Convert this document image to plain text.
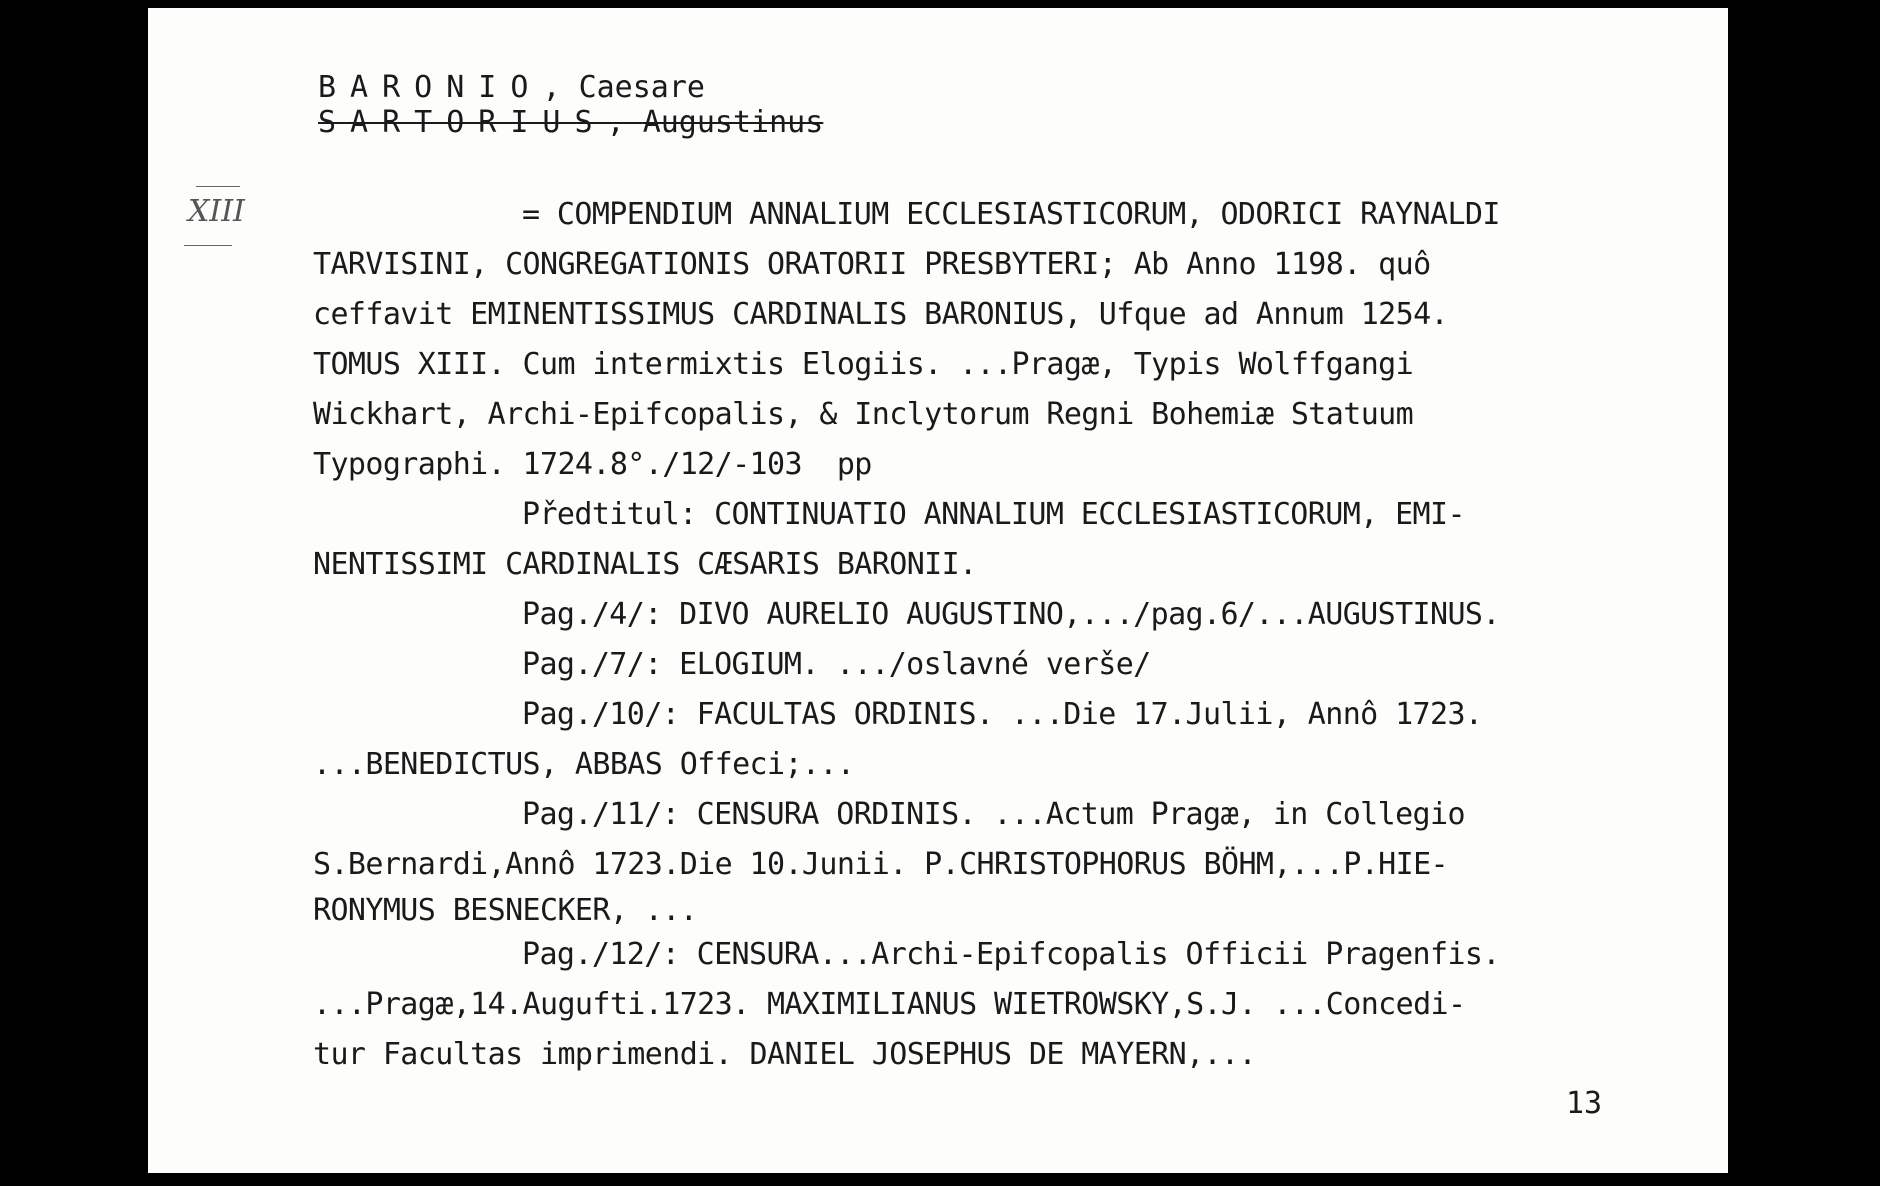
BARONIO, Caesare
SARTORIUS, Augustinus
XIII	= COMPENDIUM ANNALIUM ECCLESIASTICORUM, ODORICI RAYNALDI
TARVISINI, CONGREGATIONIS ORATORII PRESBYTERI; Ab Anno 1198. quô
ceffavit EMINENTISSIMUS CARDINALIS BARONIUS, Ufque ad Annum 1254.
TOMUS XIII. Cum intermixtis Elogiis. ...Pragæ, Typis Wolffgangi
Wickhart, Archi-Epifcopalis, & Inclytorum Regni Bohemiæ Statuum
Typographi. 1724.8°./12/-103  pp
Předtitul: CONTINUATIO ANNALIUM ECCLESIASTICORUM, EMI-
NENTISSIMI CARDINALIS CÆSARIS BARONII.
Pag./4/: DIVO AURELIO AUGUSTINO,.../pag.6/...AUGUSTINUS.
Pag./7/: ELOGIUM. .../oslavné verše/
Pag./10/: FACULTAS ORDINIS. ...Die 17.Julii, Annô 1723.
...BENEDICTUS, ABBAS Offeci;...
Pag./11/: CENSURA ORDINIS. ...Actum Pragæ, in Collegio
S.Bernardi,Annô 1723.Die 10.Junii. P.CHRISTOPHORUS BÖHM,...P.HIE-
RONYMUS BESNECKER, ...
Pag./12/: CENSURA...Archi-Epifcopalis Officii Pragenfis.
...Pragæ,14.Augufti.1723. MAXIMILIANUS WIETROWSKY,S.J. ...Concedi-
tur Facultas imprimendi. DANIEL JOSEPHUS DE MAYERN,...
13
